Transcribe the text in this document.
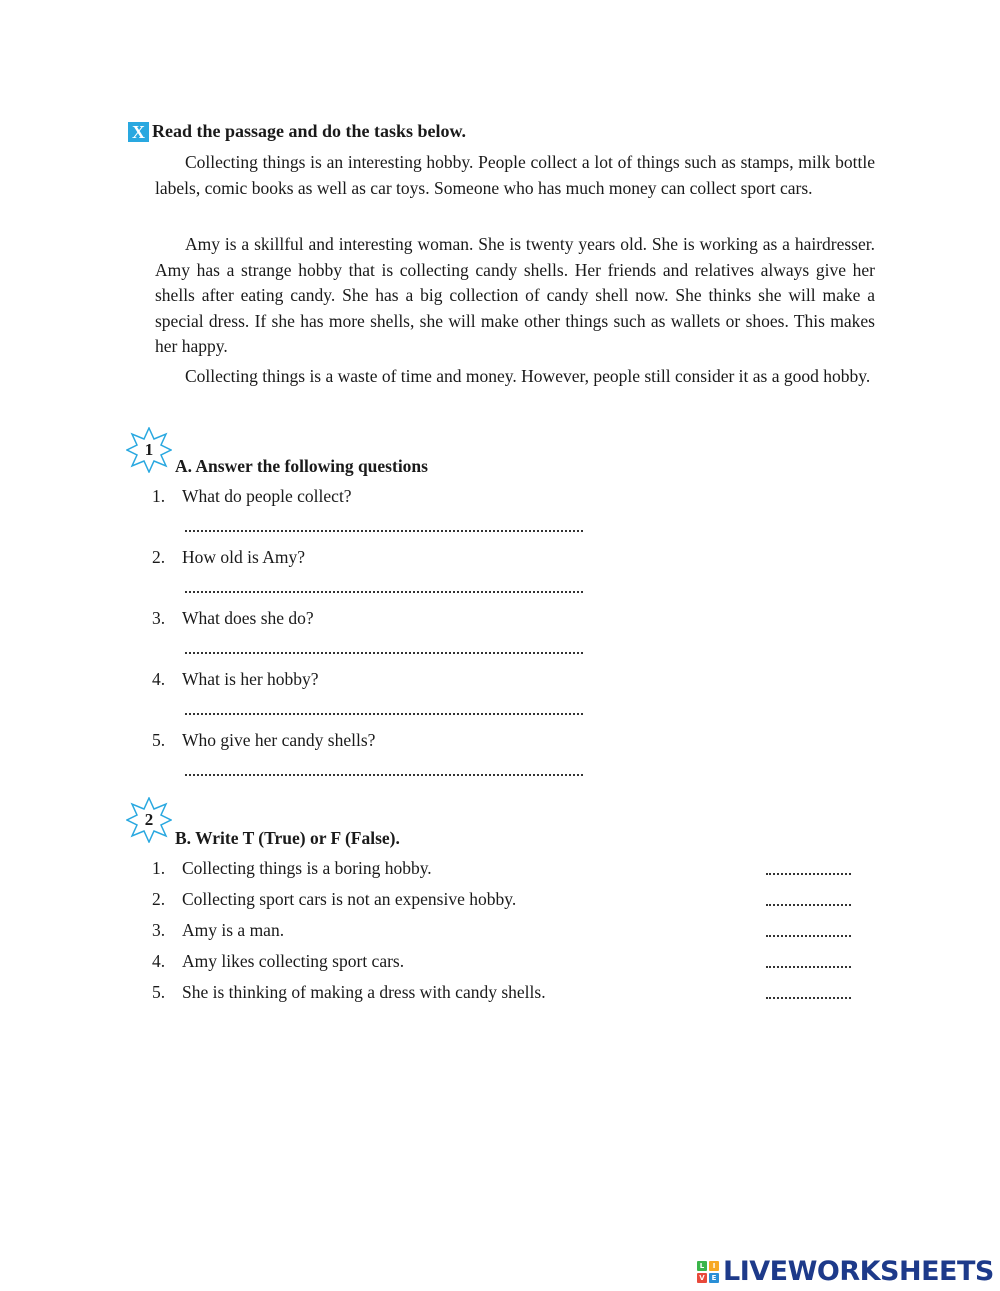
X Read the passage and do the tasks below.

Collecting things is an interesting hobby. People collect a lot of things such as stamps, milk bottle labels, comic books as well as car toys. Someone who has much money can collect sport cars.

Amy is a skillful and interesting woman. She is twenty years old. She is working as a hairdresser. Amy has a strange hobby that is collecting candy shells. Her friends and relatives always give her shells after eating candy. She has a big collection of candy shell now. She thinks she will make a special dress. If she has more shells, she will make other things such as wallets or shoes. This makes her happy.

Collecting things is a waste of time and money. However, people still consider it as a good hobby.

1
A. Answer the following questions
1. What do people collect?
2. How old is Amy?
3. What does she do?
4. What is her hobby?
5. Who give her candy shells?
2
B. Write T (True) or F (False).
1. Collecting things is a boring hobby.
2. Collecting sport cars is not an expensive hobby.
3. Amy is a man.
4. Amy likes collecting sport cars.
5. She is thinking of making a dress with candy shells.
L	I
V E LIVEWORKSHEETS
